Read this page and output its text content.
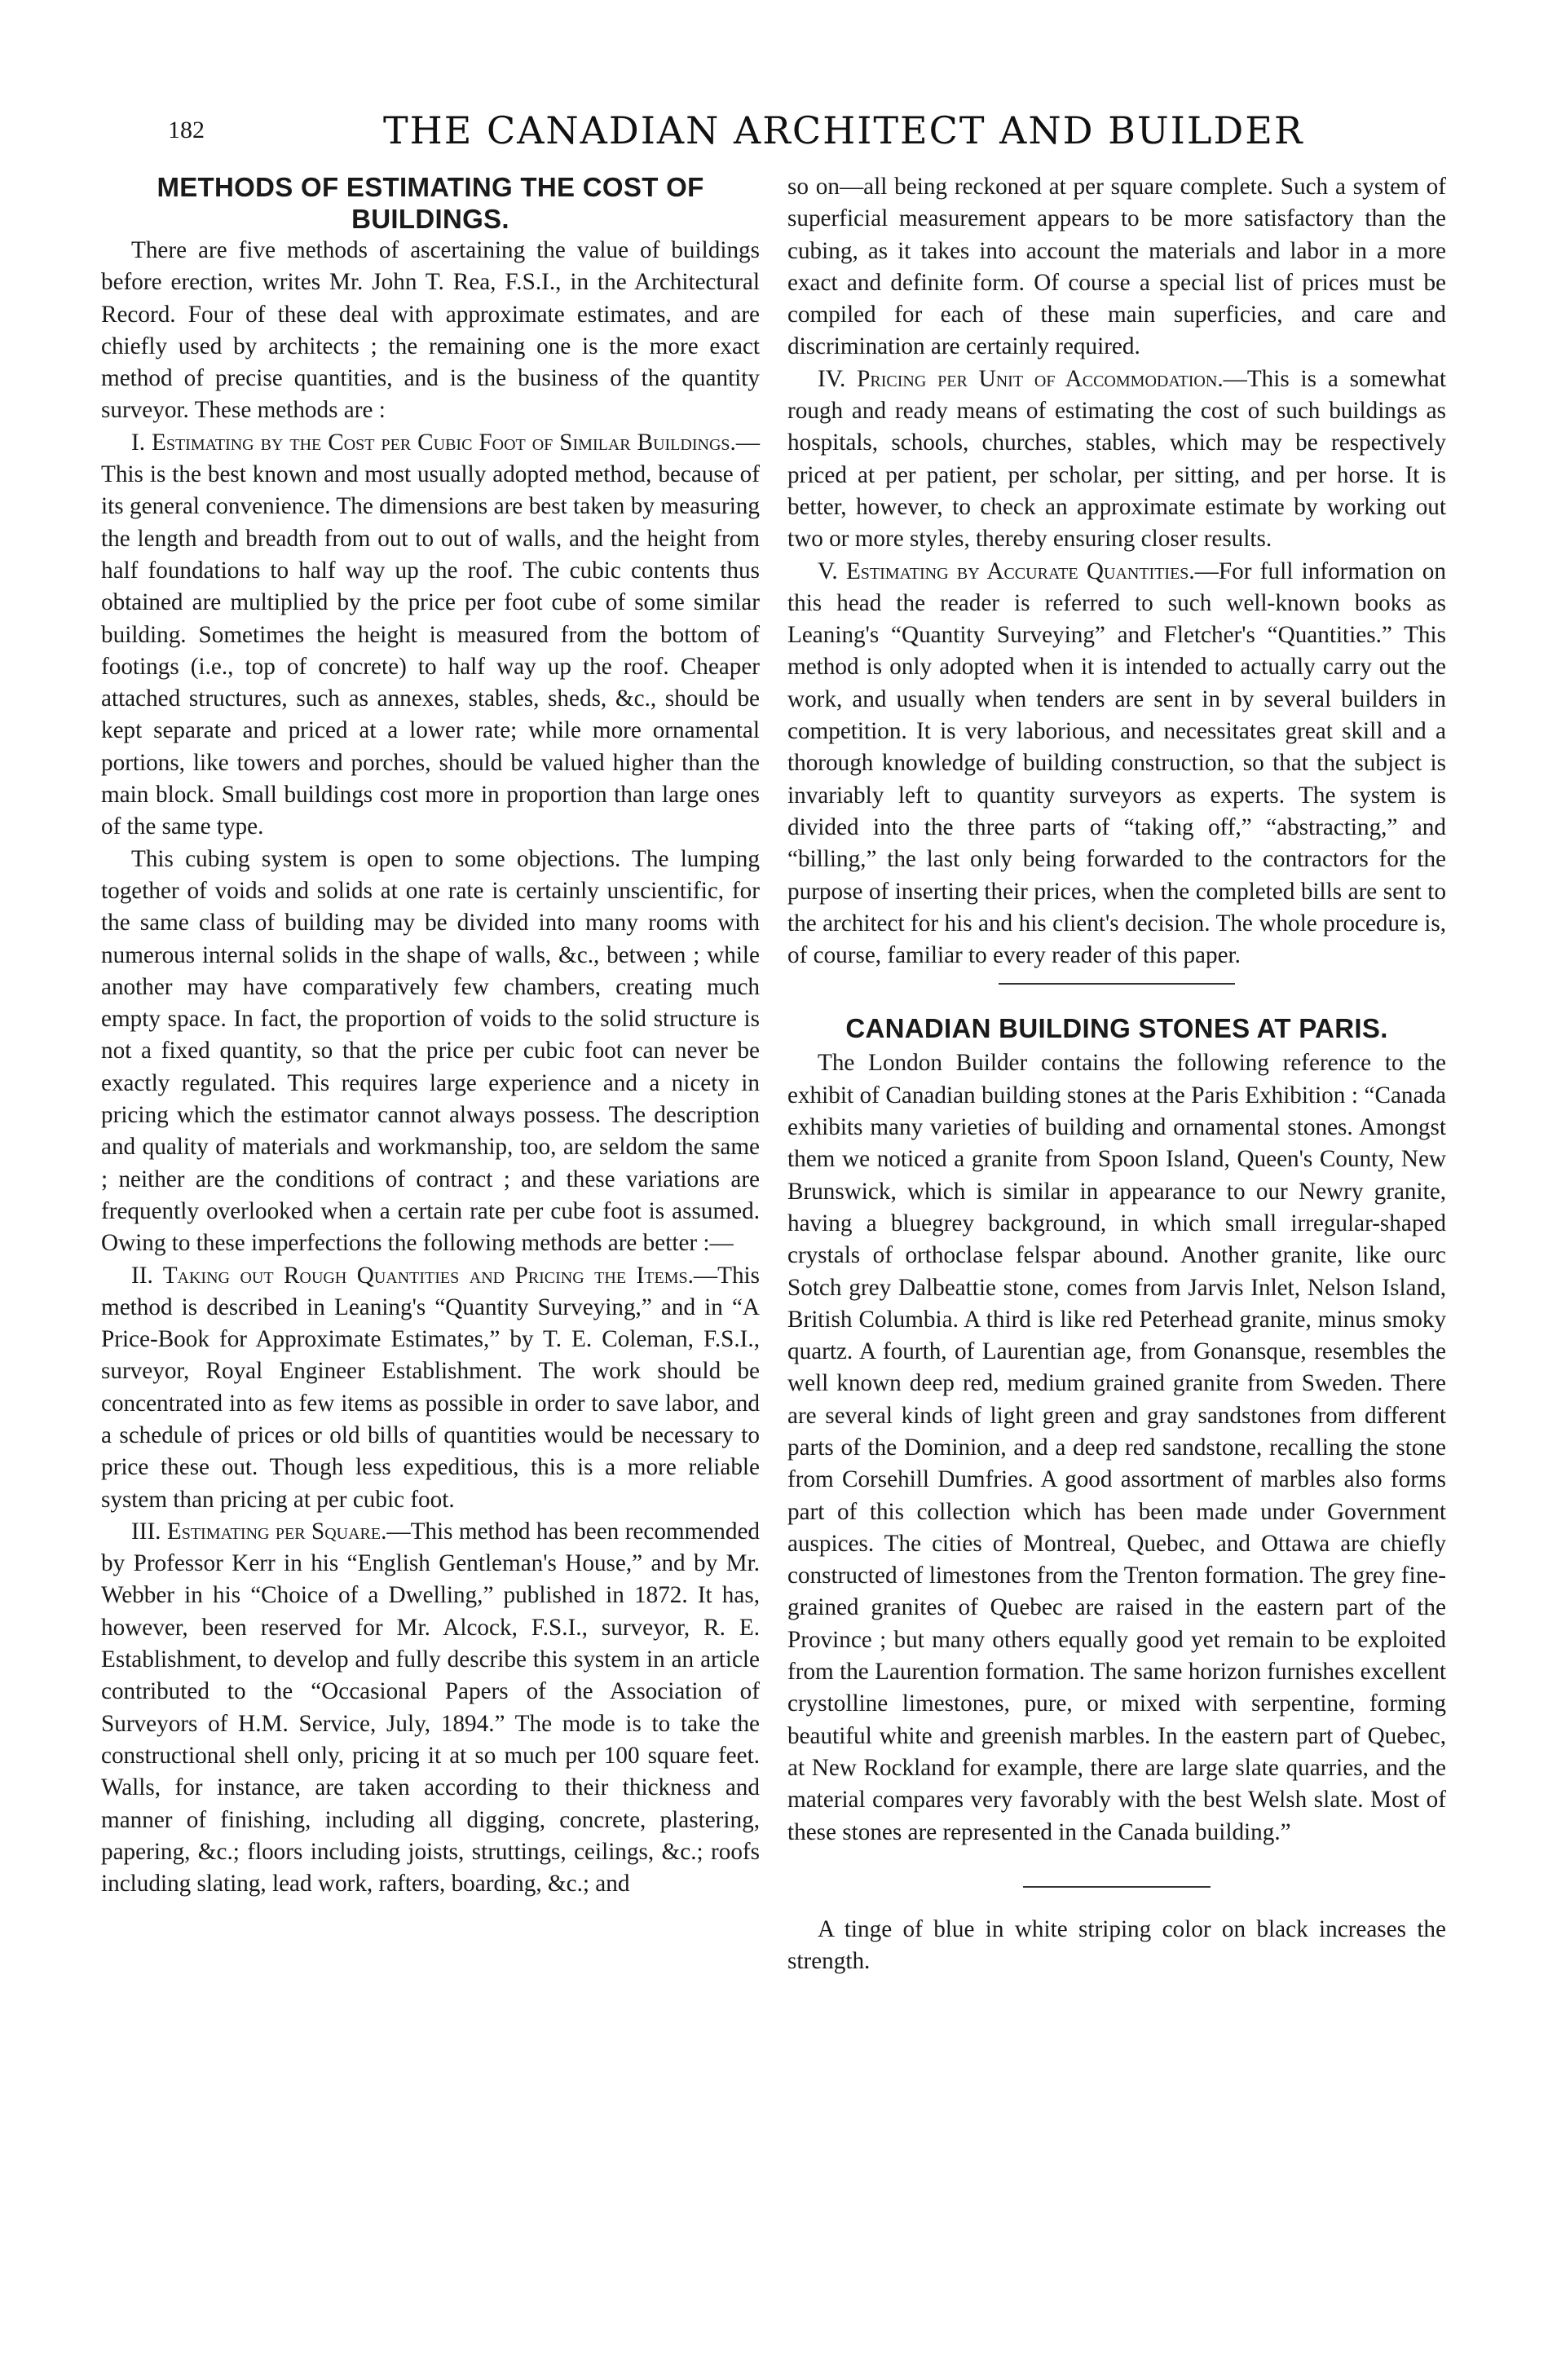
182	THE CANADIAN ARCHITECT AND BUILDER
METHODS OF ESTIMATING THE COST OF BUILDINGS.

There are five methods of ascertaining the value of buildings before erection, writes Mr. John T. Rea, F.S.I., in the Architectural Record. Four of these deal with approximate estimates, and are chiefly used by architects ; the remaining one is the more exact method of precise quantities, and is the business of the quantity surveyor. These methods are :

I. Estimating by the Cost per Cubic Foot of Similar Buildings.—This is the best known and most usually adopted method, because of its general convenience. The dimensions are best taken by measuring the length and breadth from out to out of walls, and the height from half foundations to half way up the roof. The cubic contents thus obtained are multiplied by the price per foot cube of some similar building. Sometimes the height is measured from the bottom of footings (i.e., top of concrete) to half way up the roof. Cheaper attached structures, such as annexes, stables, sheds, &c., should be kept separate and priced at a lower rate; while more ornamental portions, like towers and porches, should be valued higher than the main block. Small buildings cost more in proportion than large ones of the same type.

This cubing system is open to some objections. The lumping together of voids and solids at one rate is certainly unscientific, for the same class of building may be divided into many rooms with numerous internal solids in the shape of walls, &c., between ; while another may have comparatively few chambers, creating much empty space. In fact, the proportion of voids to the solid structure is not a fixed quantity, so that the price per cubic foot can never be exactly regulated. This requires large experience and a nicety in pricing which the estimator cannot always possess. The description and quality of materials and workmanship, too, are seldom the same ; neither are the conditions of contract ; and these variations are frequently overlooked when a certain rate per cube foot is assumed. Owing to these imperfections the following methods are better :—

II. Taking out Rough Quantities and Pricing the Items.—This method is described in Leaning's “Quantity Surveying,” and in “A Price-Book for Approximate Estimates,” by T. E. Coleman, F.S.I., surveyor, Royal Engineer Establishment. The work should be concentrated into as few items as possible in order to save labor, and a schedule of prices or old bills of quantities would be necessary to price these out. Though less expeditious, this is a more reliable system than pricing at per cubic foot.

III. Estimating per Square.—This method has been recommended by Professor Kerr in his “English Gentleman's House,” and by Mr. Webber in his “Choice of a Dwelling,” published in 1872. It has, however, been reserved for Mr. Alcock, F.S.I., surveyor, R. E. Establishment, to develop and fully describe this system in an article contributed to the “Occasional Papers of the Association of Surveyors of H.M. Service, July, 1894.” The mode is to take the constructional shell only, pricing it at so much per 100 square feet. Walls, for instance, are taken according to their thickness and manner of finishing, including all digging, concrete, plastering, papering, &c.; floors including joists, struttings, ceilings, &c.; roofs including slating, lead work, rafters, boarding, &c.; and

so on—all being reckoned at per square complete. Such a system of superficial measurement appears to be more satisfactory than the cubing, as it takes into account the materials and labor in a more exact and definite form. Of course a special list of prices must be compiled for each of these main superficies, and care and discrimination are certainly required.

IV. Pricing per Unit of Accommodation.—This is a somewhat rough and ready means of estimating the cost of such buildings as hospitals, schools, churches, stables, which may be respectively priced at per patient, per scholar, per sitting, and per horse. It is better, however, to check an approximate estimate by working out two or more styles, thereby ensuring closer results.

V. Estimating by Accurate Quantities.—For full information on this head the reader is referred to such well-known books as Leaning's “Quantity Surveying” and Fletcher's “Quantities.” This method is only adopted when it is intended to actually carry out the work, and usually when tenders are sent in by several builders in competition. It is very laborious, and necessitates great skill and a thorough knowledge of building construction, so that the subject is invariably left to quantity surveyors as experts. The system is divided into the three parts of “taking off,” “abstracting,” and “billing,” the last only being forwarded to the contractors for the purpose of inserting their prices, when the completed bills are sent to the architect for his and his client's decision. The whole procedure is, of course, familiar to every reader of this paper.

CANADIAN BUILDING STONES AT PARIS.

The London Builder contains the following reference to the exhibit of Canadian building stones at the Paris Exhibition : “Canada exhibits many varieties of building and ornamental stones. Amongst them we noticed a granite from Spoon Island, Queen's County, New Brunswick, which is similar in appearance to our Newry granite, having a bluegrey background, in which small irregular-shaped crystals of orthoclase felspar abound. Another granite, like ourc Sotch grey Dalbeattie stone, comes from Jarvis Inlet, Nelson Island, British Columbia. A third is like red Peterhead granite, minus smoky quartz. A fourth, of Laurentian age, from Gonansque, resembles the well known deep red, medium grained granite from Sweden. There are several kinds of light green and gray sandstones from different parts of the Dominion, and a deep red sandstone, recalling the stone from Corsehill Dumfries. A good assortment of marbles also forms part of this collection which has been made under Government auspices. The cities of Montreal, Quebec, and Ottawa are chiefly constructed of limestones from the Trenton formation. The grey fine-grained granites of Quebec are raised in the eastern part of the Province ; but many others equally good yet remain to be exploited from the Laurention formation. The same horizon furnishes excellent crystolline limestones, pure, or mixed with serpentine, forming beautiful white and greenish marbles. In the eastern part of Quebec, at New Rockland for example, there are large slate quarries, and the material compares very favorably with the best Welsh slate. Most of these stones are represented in the Canada building.”

A tinge of blue in white striping color on black increases the strength.
